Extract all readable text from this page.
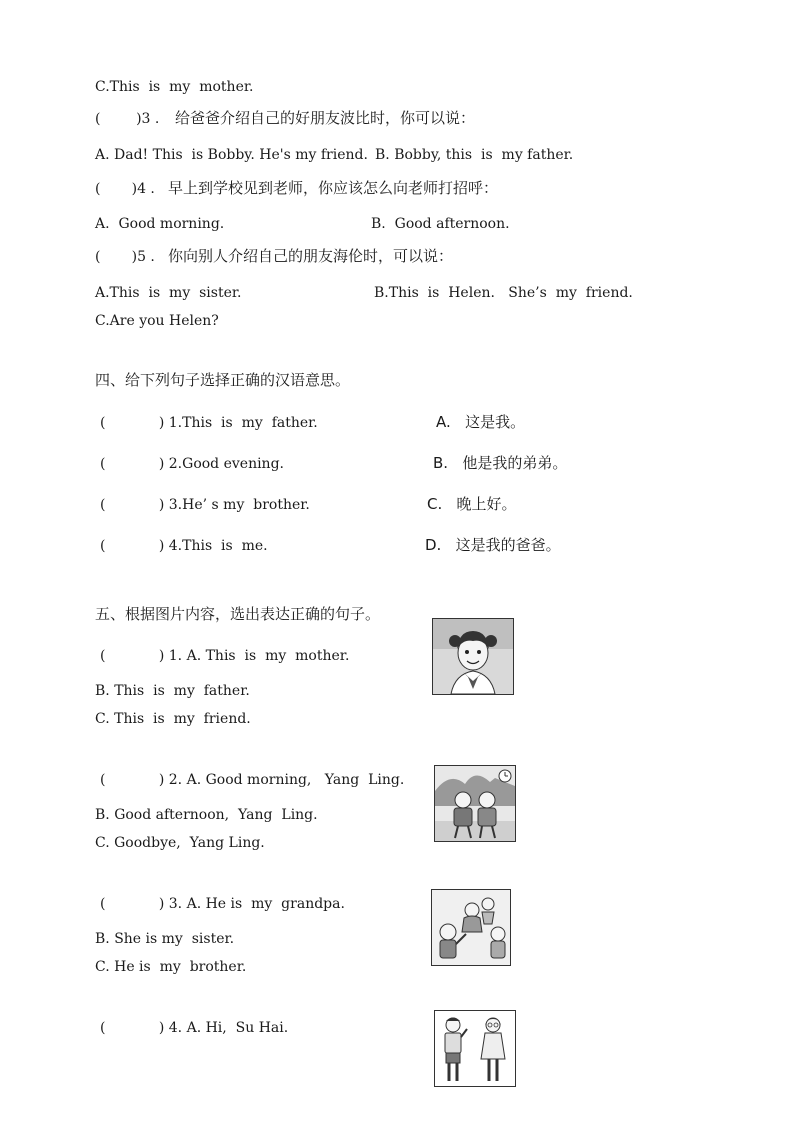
C.This  is  my  mother.
(        )3 . 给爸爸介绍自己的好朋友波比时，你可以说：
A. Dad! This  is Bobby. He's my friend. B. Bobby, this  is  my father.
(       )4 . 早上到学校见到老师，你应该怎么向老师打招呼：
A.  Good morning.	B.  Good afternoon.
(       )5 . 你向别人介绍自己的朋友海伦时，可以说：
A.This  is  my  sister.	B.This  is  Helen.   She’s  my  friend.
C.Are you Helen?
四、给下列句子选择正确的汉语意思。
(            ) 1.This  is  my  father.	A.   这是我。
(            ) 2.Good evening.	B.   他是我的弟弟。
(            ) 3.He’ s my  brother.	C.   晚上好。
(            ) 4.This  is  me.	D.   这是我的爸爸。
五、根据图片内容，选出表达正确的句子。
(            ) 1. A. This  is  my  mother.
B. This  is  my  father.
C. This  is  my  friend.
(            ) 2. A. Good morning,   Yang  Ling.
B. Good afternoon,  Yang  Ling.
C. Goodbye,  Yang Ling.
(            ) 3. A. He is  my  grandpa.
B. She is my  sister.
C. He is  my  brother.
(            ) 4. A. Hi,  Su Hai.
